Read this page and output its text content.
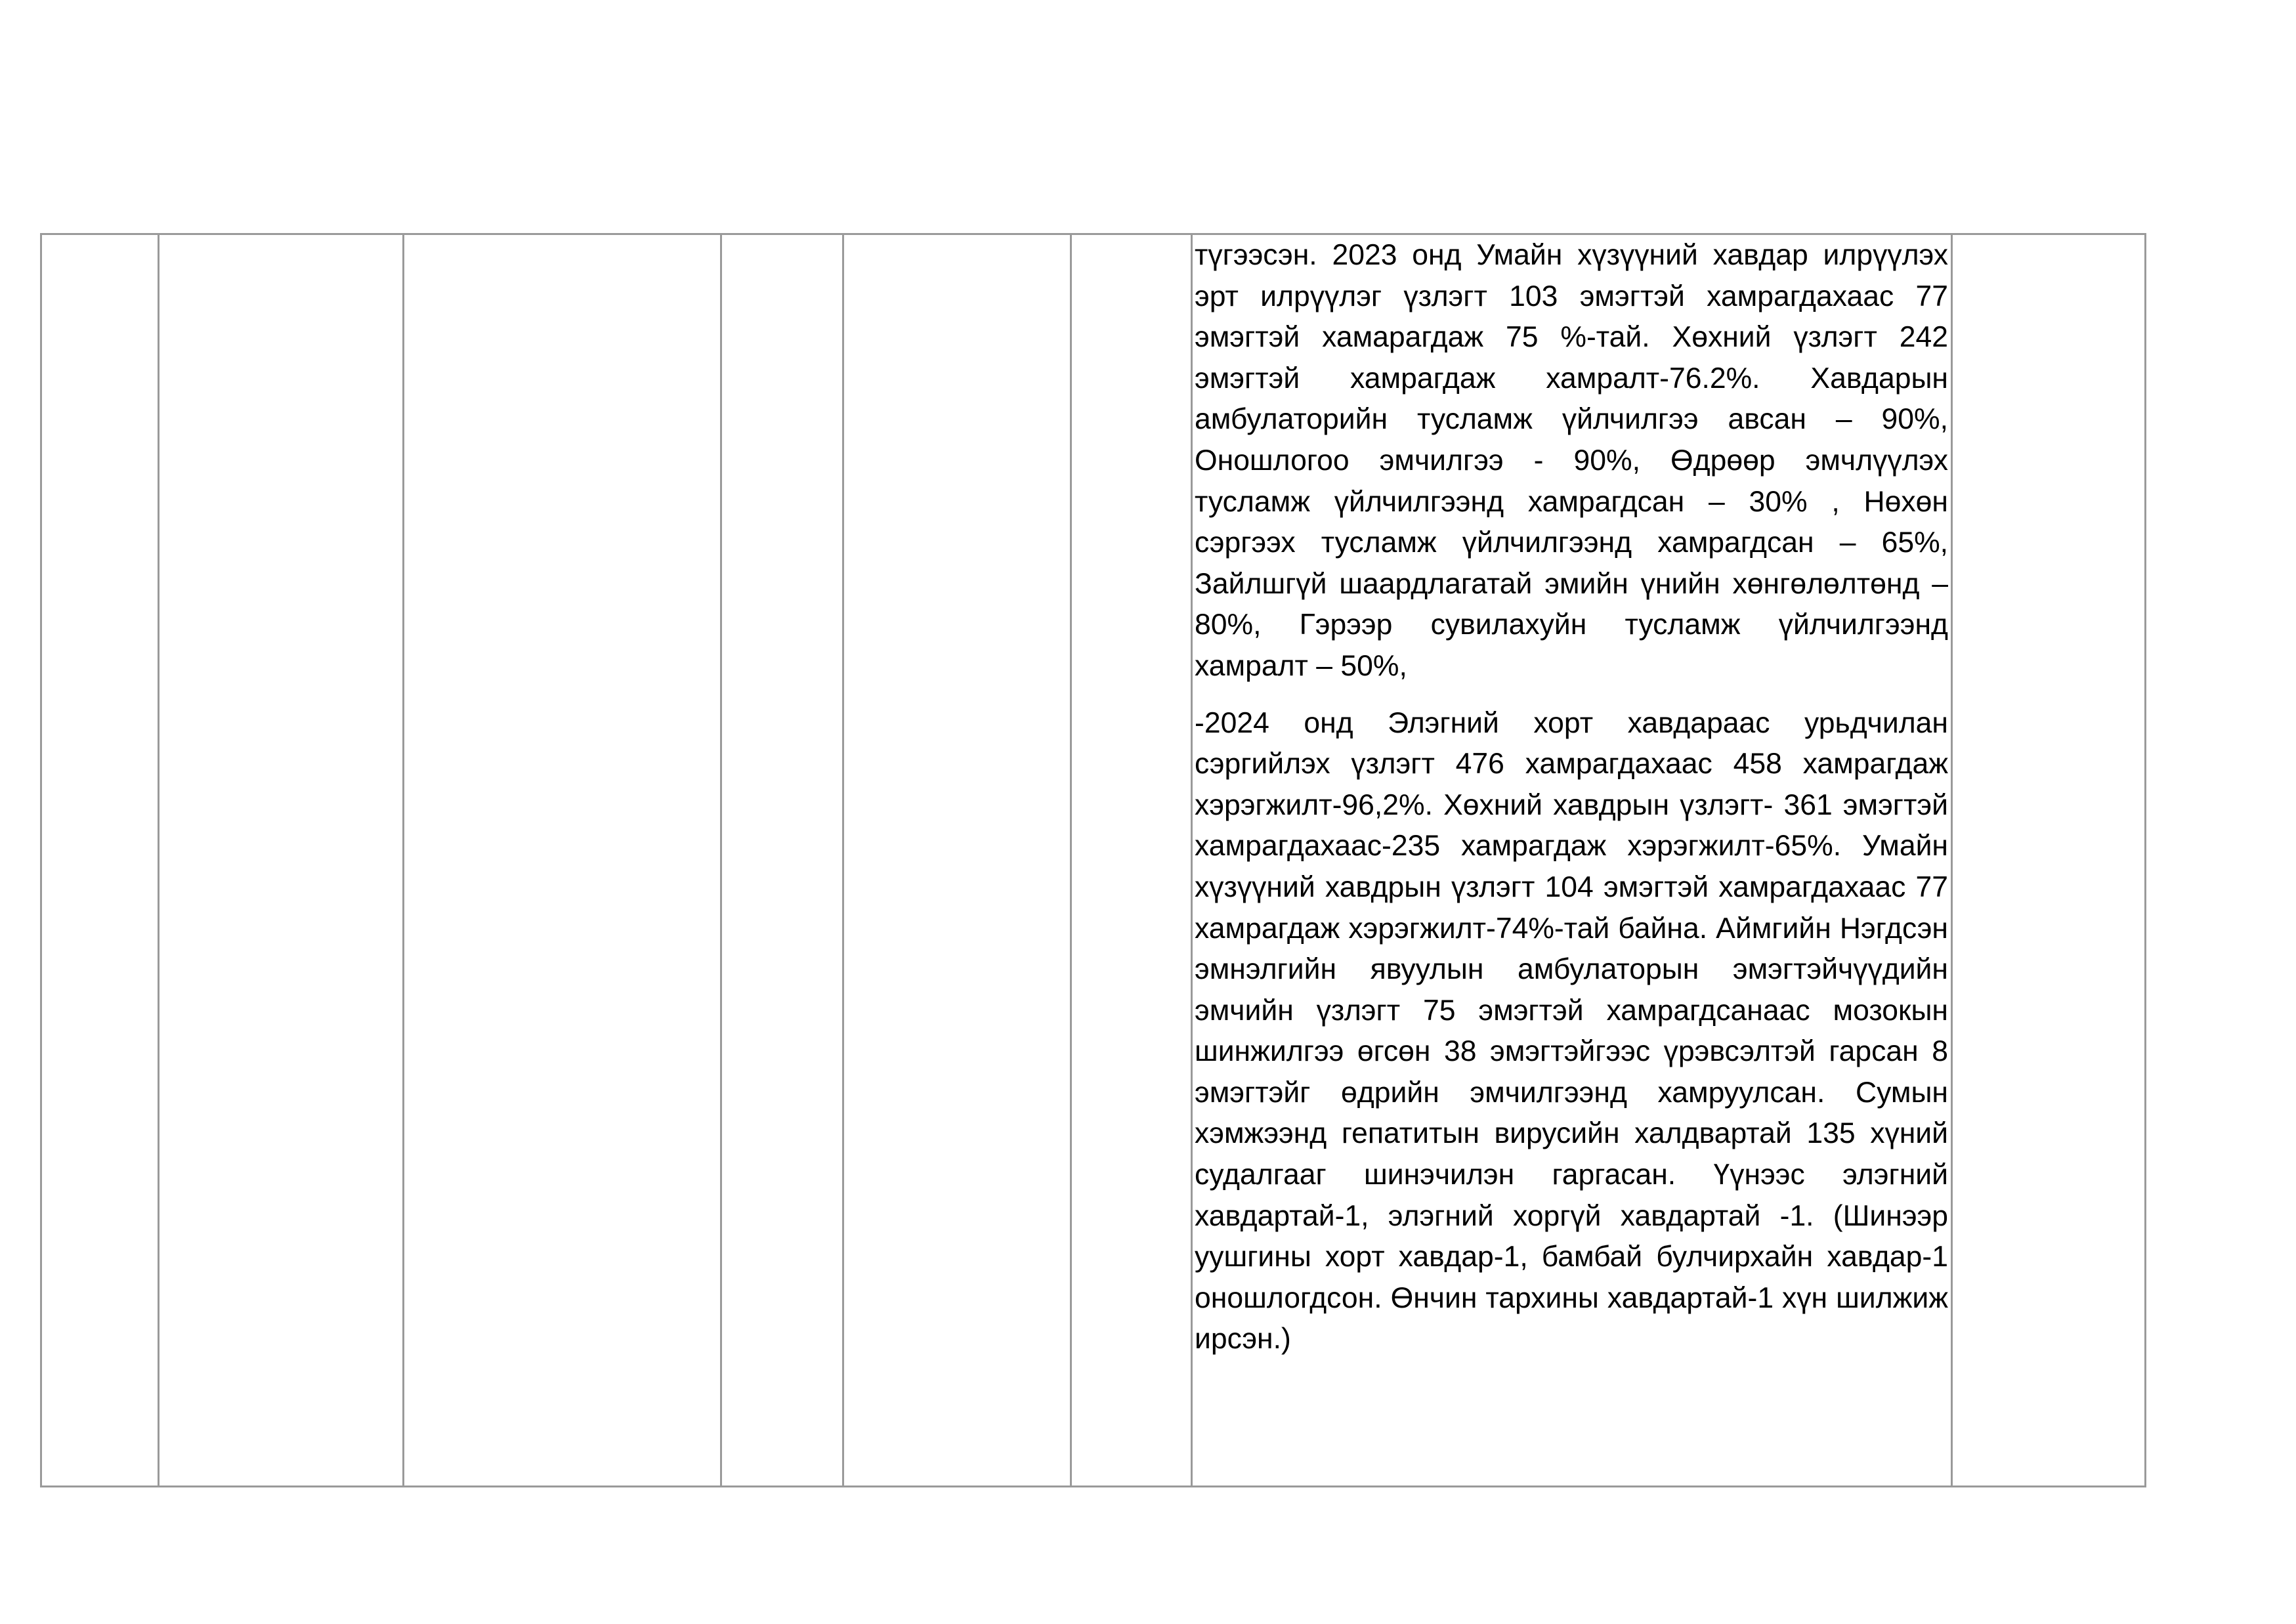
түгээсэн. 2023 онд Умайн хүзүүний хавдар илрүүлэх эрт илрүүлэг үзлэгт 103 эмэгтэй хамрагдахаас 77 эмэгтэй хамарагдаж 75 %-тай. Хөхний үзлэгт 242 эмэгтэй хамрагдаж хамралт-76.2%. Хавдарын амбулаторийн тусламж үйлчилгээ авсан – 90%, Оношлогоо эмчилгээ - 90%, Өдрөөр эмчлүүлэх тусламж үйлчилгээнд хамрагдсан – 30% , Нөхөн сэргээх тусламж үйлчилгээнд хамрагдсан – 65%, Зайлшгүй шаардлагатай эмийн үнийн хөнгөлөлтөнд – 80%, Гэрээр сувилахуйн тусламж үйлчилгээнд хамралт – 50%,

-2024 онд Элэгний хорт хавдараас урьдчилан сэргийлэх үзлэгт 476 хамрагдахаас 458 хамрагдаж хэрэгжилт-96,2%. Хөхний хавдрын үзлэгт- 361 эмэгтэй хамрагдахаас-235 хамрагдаж хэрэгжилт-65%. Умайн хүзүүний хавдрын үзлэгт 104 эмэгтэй хамрагдахаас 77 хамрагдаж хэрэгжилт-74%-тай байна. Аймгийн Нэгдсэн эмнэлгийн явуулын амбулаторын эмэгтэйчүүдийн эмчийн үзлэгт 75 эмэгтэй хамрагдсанаас мозокын шинжилгээ өгсөн 38 эмэгтэйгээс үрэвсэлтэй гарсан 8 эмэгтэйг өдрийн эмчилгээнд хамруулсан. Сумын хэмжээнд гепатитын вирусийн халдвартай 135 хүний судалгааг шинэчилэн гаргасан. Үүнээс элэгний хавдартай-1, элэгний хоргүй хавдартай -1. (Шинээр уушгины хорт хавдар-1, бамбай булчирхайн хавдар-1 оношлогдсон. Өнчин тархины хавдартай-1 хүн шилжиж ирсэн.)
